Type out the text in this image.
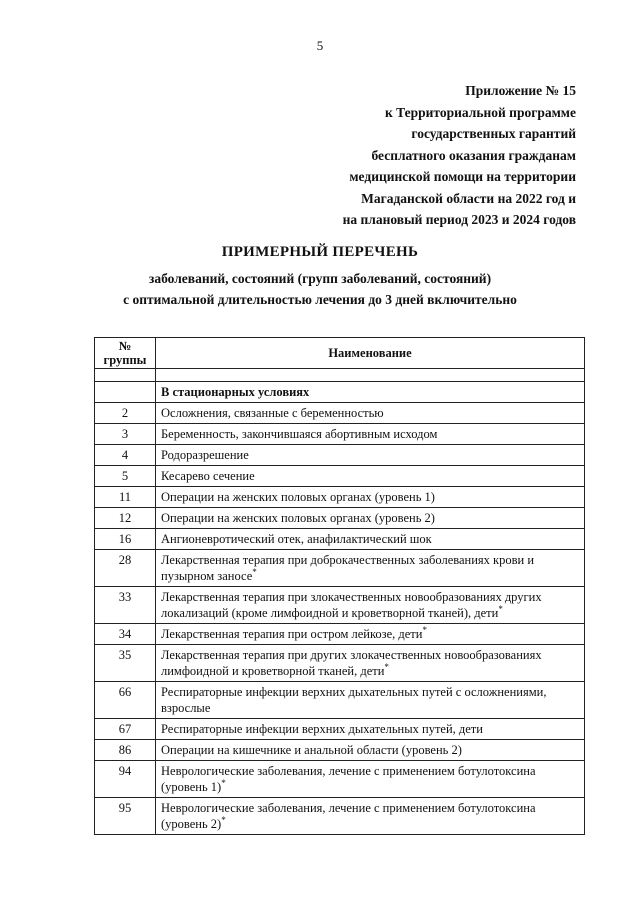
5
Приложение № 15
к Территориальной программе
государственных гарантий
бесплатного оказания гражданам
медицинской помощи на территории
Магаданской области на 2022 год и
на плановый период 2023 и 2024 годов
ПРИМЕРНЫЙ ПЕРЕЧЕНЬ
заболеваний, состояний (групп заболеваний, состояний)
с оптимальной длительностью лечения до 3 дней включительно
№
группы	Наименование

	В стационарных условиях
2	Осложнения, связанные с беременностью
3	Беременность, закончившаяся абортивным исходом
4	Родоразрешение
5	Кесарево сечение
11	Операции на женских половых органах (уровень 1)
12	Операции на женских половых органах (уровень 2)
16	Ангионевротический отек, анафилактический шок
28	Лекарственная терапия при доброкачественных заболеваниях крови и пузырном заносе*
33	Лекарственная терапия при злокачественных новообразованиях других локализаций (кроме лимфоидной и кроветворной тканей), дети*
34	Лекарственная терапия при остром лейкозе, дети*
35	Лекарственная терапия при других злокачественных новообразованиях лимфоидной и кроветворной тканей, дети*
66	Респираторные инфекции верхних дыхательных путей с осложнениями, взрослые
67	Респираторные инфекции верхних дыхательных путей, дети
86	Операции на кишечнике и анальной области (уровень 2)
94	Неврологические заболевания, лечение с применением ботулотоксина (уровень 1)*
95	Неврологические заболевания, лечение с применением ботулотоксина (уровень 2)*
